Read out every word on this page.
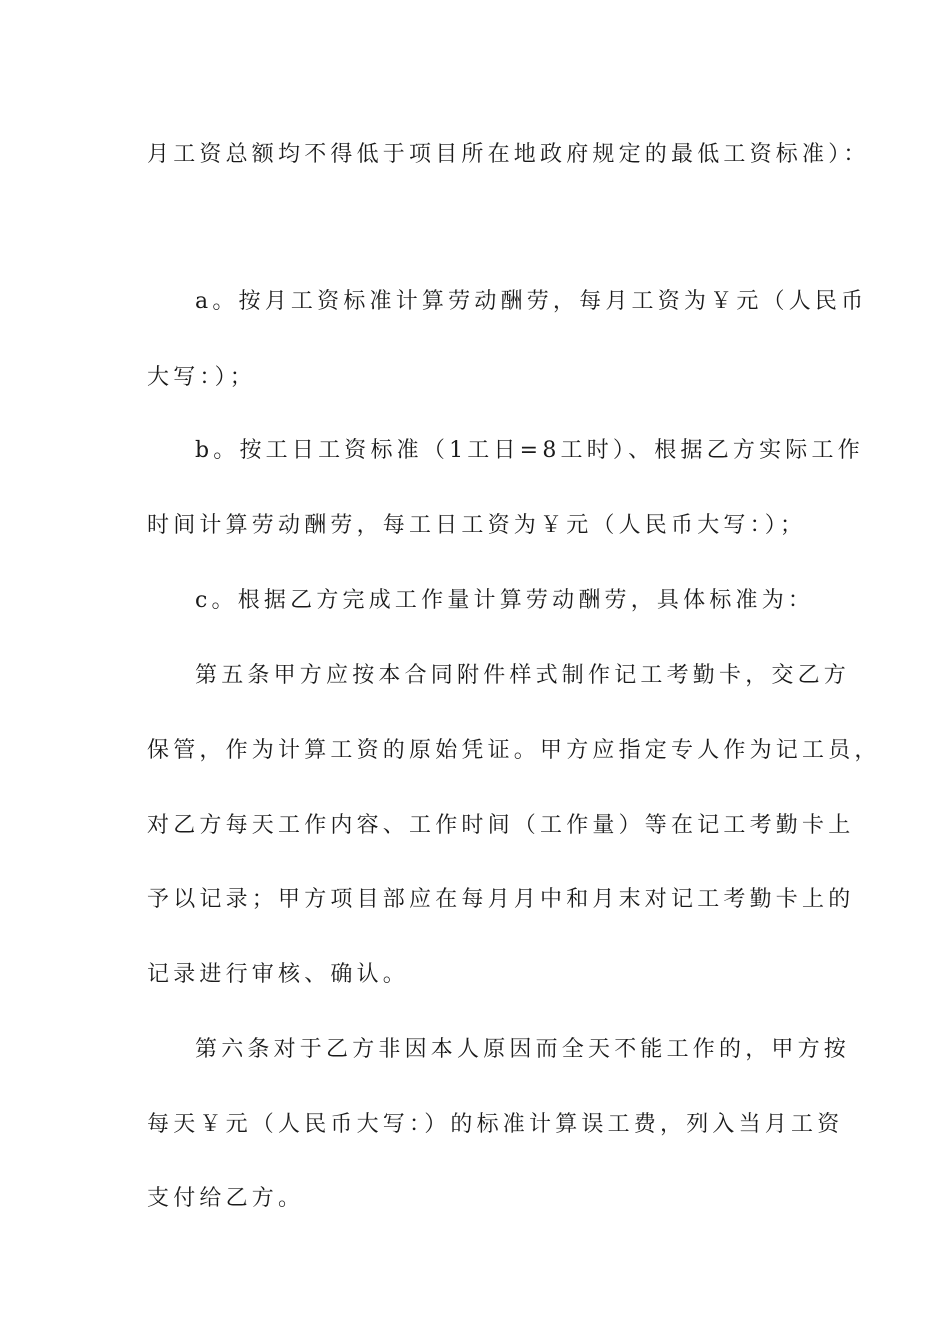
月工资总额均不得低于项目所在地政府规定的最低工资标准）：
a。按月工资标准计算劳动酬劳，每月工资为￥元（人民币
大写：）；
b。按工日工资标准（1工日=8工时）、根据乙方实际工作
时间计算劳动酬劳，每工日工资为￥元（人民币大写：）；
c。根据乙方完成工作量计算劳动酬劳，具体标准为：
第五条甲方应按本合同附件样式制作记工考勤卡，交乙方
保管，作为计算工资的原始凭证。甲方应指定专人作为记工员，
对乙方每天工作内容、工作时间（工作量）等在记工考勤卡上
予以记录；甲方项目部应在每月月中和月末对记工考勤卡上的
记录进行审核、确认。
第六条对于乙方非因本人原因而全天不能工作的，甲方按
每天￥元（人民币大写：）的标准计算误工费，列入当月工资
支付给乙方。
